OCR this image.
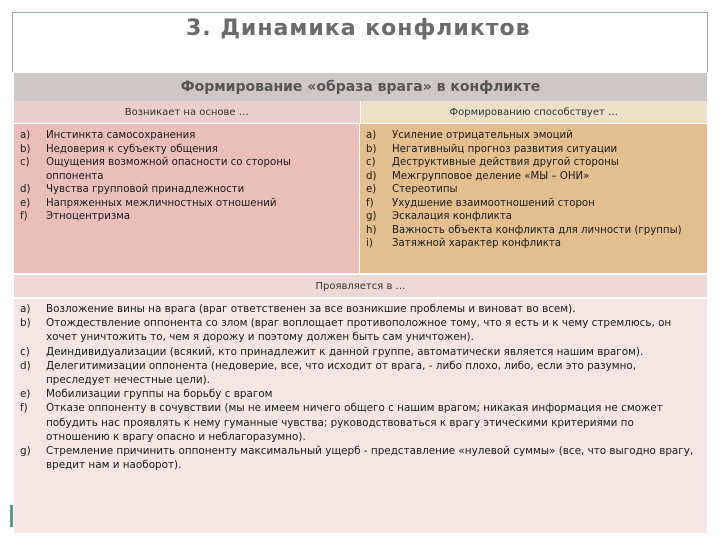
3. Динамика конфликтов
Формирование «образа врага» в конфликте
Возникает на основе …	Формированию способствует …
a)	Инстинкта самосохранения
b)	Недоверия к субъекту общения
c)	Ощущения возможной опасности со стороны оппонента
d)	Чувства групповой принадлежности
e)	Напряженных межличностных отношений
f)	Этноцентризма
a)	Усиление отрицательных эмоций
b)	Негативныйц прогноз развития ситуации
c)	Деструктивные действия другой стороны
d)	Межгрупповое деление «МЫ – ОНИ»
e)	Стереотипы
f)	Ухудшение взаимоотношений сторон
g)	Эскалация конфликта
h)	Важность объекта конфликта для личности (группы)
i)	Затяжной характер конфликта
Проявляется в …
a)	Возложение вины на врага (враг ответственен за все возникшие проблемы и виноват во всем).
b)	Отождествление оппонента со злом (враг воплощает противоположное тому, что я есть и к чему стремлюсь, он хочет уничтожить то, чем я дорожу и поэтому должен быть сам уничтожен).
c)	Деиндивидуализации (всякий, кто принадлежит к данной группе, автоматически является нашим врагом).
d)	Делегитимизации оппонента (недоверие, все, что исходит от врага, - либо плохо, либо, если это разумно, преследует нечестные цели).
e)	Мобилизации группы на борьбу с врагом
f)	Отказе оппоненту в сочувствии (мы не имеем ничего общего с нашим врагом; никакая информация не сможет побудить нас проявлять к нему гуманные чувства; руководствоваться к врагу этическими критериями по отношению к врагу опасно и неблагоразумно).
g)	Стремление причинить оппоненту максимальный ущерб - представление «нулевой суммы» (все, что выгодно врагу, вредит нам и наоборот).
